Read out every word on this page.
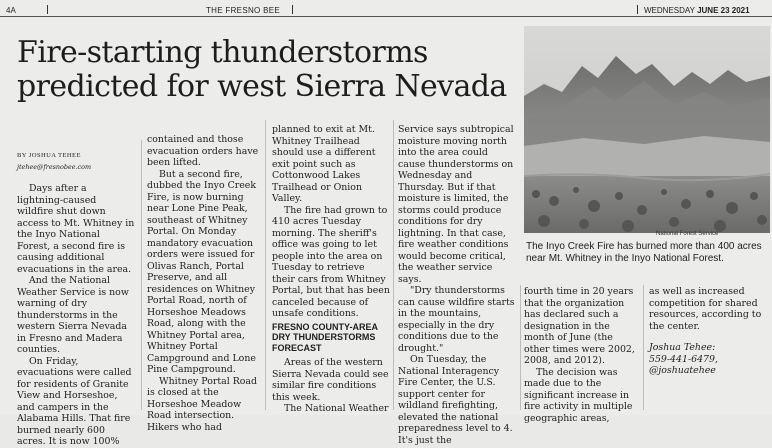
4A	THE FRESNO BEE	WEDNESDAY JUNE 23 2021
Fire-starting thunderstorms predicted for west Sierra Nevada
National Forest Service
The Inyo Creek Fire has burned more than 400 acres near Mt. Whitney in the Inyo National Forest.

BY JOSHUA TEHEE

jtehee@fresnobee.com

Days after a lightning-caused wildfire shut down access to Mt. Whitney in the Inyo National Forest, a second fire is causing additional evacuations in the area.

And the National Weather Service is now warning of dry thunderstorms in the western Sierra Nevada in Fresno and Madera counties.

On Friday, evacuations were called for residents of Granite View and Horseshoe, and campers in the Alabama Hills. That fire burned nearly 600 acres. It is now 100%

contained and those evacuation orders have been lifted.

But a second fire, dubbed the Inyo Creek Fire, is now burning near Lone Pine Peak, southeast of Whitney Portal. On Monday mandatory evacuation orders were issued for Olivas Ranch, Portal Preserve, and all residences on Whitney Portal Road, north of Horseshoe Meadows Road, along with the Whitney Portal area, Whitney Portal Campground and Lone Pine Campground.

Whitney Portal Road is closed at the Horseshoe Meadow Road intersection. Hikers who had

planned to exit at Mt. Whitney Trailhead should use a different exit point such as Cottonwood Lakes Trailhead or Onion Valley.

The fire had grown to 410 acres Tuesday morning. The sheriff's office was going to let people into the area on Tuesday to retrieve their cars from Whitney Portal, but that has been canceled because of unsafe conditions.

FRESNO COUNTY-AREA DRY THUNDERSTORMS FORECAST

Areas of the western Sierra Nevada could see similar fire conditions this week.

The National Weather

Service says subtropical moisture moving north into the area could cause thunderstorms on Wednesday and Thursday. But if that moisture is limited, the storms could produce conditions for dry lightning. In that case, fire weather conditions would become critical, the weather service says.

"Dry thunderstorms can cause wildfire starts in the mountains, especially in the dry conditions due to the drought."

On Tuesday, the National Interagency Fire Center, the U.S. support center for wildland firefighting, elevated the national preparedness level to 4. It's just the

fourth time in 20 years that the organization has declared such a designation in the month of June (the other times were 2002, 2008, and 2012).

The decision was made due to the significant increase in fire activity in multiple geographic areas,

as well as increased competition for shared resources, according to the center.

Joshua Tehee:

559-441-6479,

@joshuatehee
